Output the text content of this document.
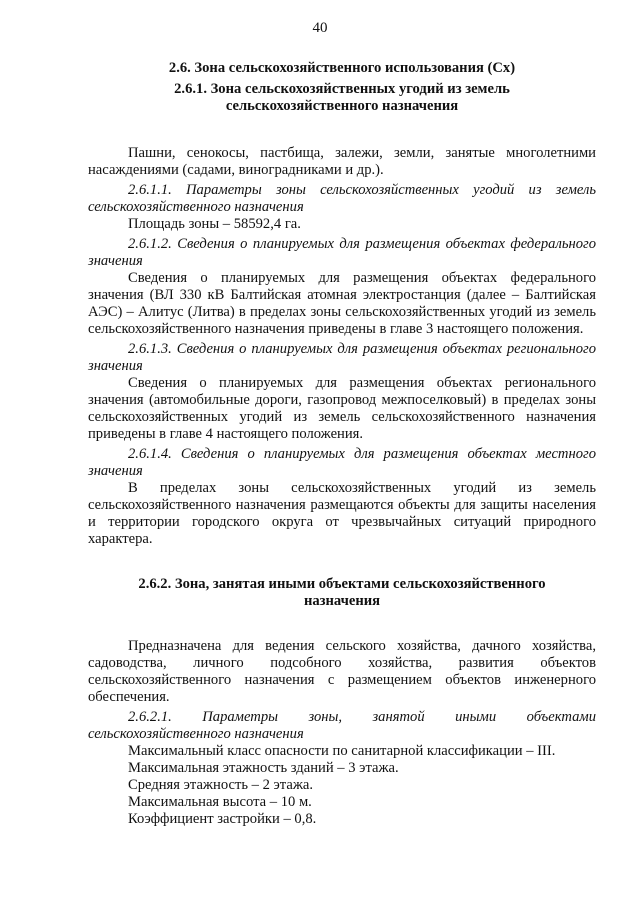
40
2.6. Зона сельскохозяйственного использования (Сх)
2.6.1. Зона сельскохозяйственных угодий из земель
сельскохозяйственного назначения

Пашни, сенокосы, пастбища, залежи, земли, занятые многолетними насаждениями (садами, виноградниками и др.).

2.6.1.1. Параметры зоны сельскохозяйственных угодий из земель сельскохозяйственного назначения

Площадь зоны – 58592,4 га.

2.6.1.2. Сведения о планируемых для размещения объектах федерального значения

Сведения о планируемых для размещения объектах федерального значения (ВЛ 330 кВ Балтийская атомная электростанция (далее – Балтийская АЭС) – Алитус (Литва) в пределах зоны сельскохозяйственных угодий из земель сельскохозяйственного назначения приведены в главе 3 настоящего положения.

2.6.1.3. Сведения о планируемых для размещения объектах регионального значения

Сведения о планируемых для размещения объектах регионального значения (автомобильные дороги, газопровод межпоселковый) в пределах зоны сельскохозяйственных угодий из земель сельскохозяйственного назначения приведены в главе 4 настоящего положения.

2.6.1.4. Сведения о планируемых для размещения объектах местного значения

В пределах зоны сельскохозяйственных угодий из земель сельскохозяйственного назначения размещаются объекты для защиты населения и территории городского округа от чрезвычайных ситуаций природного характера.

2.6.2. Зона, занятая иными объектами сельскохозяйственного
назначения

Предназначена для ведения сельского хозяйства, дачного хозяйства, садоводства, личного подсобного хозяйства, развития объектов сельскохозяйственного назначения с размещением объектов инженерного обеспечения.

2.6.2.1. Параметры зоны, занятой иными объектами сельскохозяйственного назначения

Максимальный класс опасности по санитарной классификации – III.
Максимальная этажность зданий – 3 этажа.
Средняя этажность – 2 этажа.
Максимальная высота – 10 м.
Коэффициент застройки – 0,8.
